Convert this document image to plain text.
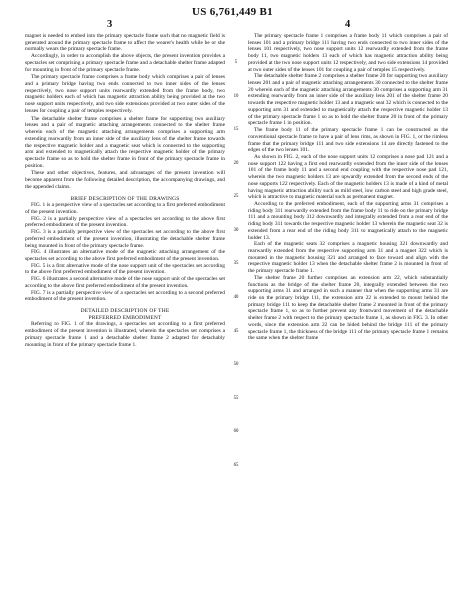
US 6,761,449 B1
3	4

magnet is needed to embed into the primary spectacle frame such that no magnetic field is generated around the primary spectacle frame to affect the wearer's health while he or she normally wears the primary spectacle frame.

Accordingly, in order to accomplish the above objects, the present invention provides a spectacles set comprising a primary spectacle frame and a detachable shelter frame adapted for mounting in front of the primary spectacle frame.

The primary spectacle frame comprises a frame body which comprises a pair of lenses and a primary bridge having two ends connected to two inner sides of the lenses respectively, two nose support units rearwardly extended from the frame body, two magnetic holders each of which has magnetic attraction ability being provided at the two nose support units respectively, and two side extensions provided at two outer sides of the lenses for coupling a pair of temples respectively.

The detachable shelter frame comprises a shelter frame for supporting two auxiliary lenses and a pair of magnetic attaching arrangements connected to the shelter frame wherein each of the magnetic attaching arrangements comprises a supporting arm extending rearwardly from an inner side of the auxiliary lens of the shelter frame towards the respective magnetic holder and a magnetic seat which is connected to the supporting arm and extended to magnetically attach the respective magnetic holder of the primary spectacle frame so as to hold the shelter frame in front of the primary spectacle frame in position.

These and other objectives, features, and advantages of the present invention will become apparent from the following detailed description, the accompanying drawings, and the appended claims.

BRIEF DESCRIPTION OF THE DRAWINGS

FIG. 1 is a perspective view of a spectacles set according to a first preferred embodiment of the present invention.

FIG. 2 is a partially perspective view of a spectacles set according to the above first preferred embodiment of the present invention.

FIG. 3 is a partially perspective view of the spectacles set according to the above first preferred embodiment of the present invention, illustrating the detachable shelter frame being mounted in front of the primary spectacle frame.

FIG. 4 illustrates an alternative mode of the magnetic attaching arrangement of the spectacles set according to the above first preferred embodiment of the present invention.

FIG. 5 is a first alternative mode of the nose support unit of the spectacles set according to the above first preferred embodiment of the present invention.

FIG. 6 illustrates a second alternative mode of the nose support unit of the spectacles set according to the above first preferred embodiment of the present invention.

FIG. 7 is a partially perspective view of a spectacles set according to a second preferred embodiment of the present invention.

DETAILED DESCRIPTION OF THE

PREFERRED EMBODIMENT

Referring to FIG. 1 of the drawings, a spectacles set according to a first preferred embodiment of the present invention is illustrated, wherein the spectacles set comprises a primary spectacle frame 1 and a detachable shelter frame 2 adapted for detachably mounting in front of the primary spectacle frame 1.

5
10
15
20
25
30
35
40
45
50
55
60
65

The primary spectacle frame 1 comprises a frame body 11 which comprises a pair of lenses 101 and a primary bridge 111 having two ends connected to two inner sides of the lenses 101 respectively, two nose support units 12 rearwardly extended from the frame body 11, two magnetic holders 13 each of which has magnetic attraction ability being provided at the two nose support units 12 respectively, and two side extensions 14 provided at two outer sides of the lenses 101 for coupling a pair of temples 15 respectively.

The detachable shelter frame 2 comprises a shelter frame 20 for supporting two auxiliary lenses 201 and a pair of magnetic attaching arrangements 30 connected to the shelter frame 20 wherein each of the magnetic attaching arrangements 30 comprises a supporting arm 31 extending rearwardly from an inner side of the auxiliary lens 201 of the shelter frame 20 towards the respective magnetic holder 13 and a magnetic seat 32 which is connected to the supporting arm 31 and extended to magnetically attach the respective magnetic holder 13 of the primary spectacle frame 1 so as to hold the shelter frame 20 in front of the primary spectacle frame 1 in position.

The frame body 11 of the primary spectacle frame 1 can be constructed as the conventional spectacle frame to have a pair of lens rims, as shown in FIG. 1, or the rimless frame that the primary bridge 111 and two side extensions 14 are directly fastened to the edges of the two lenses 101.

As shown in FIG. 2, each of the nose support units 12 comprises a nose pad 121 and a nose support 122 having a first end rearwardly extended from the inner side of the lenses 101 of the frame body 11 and a second end coupling with the respective nose pad 121, wherein the two magnetic holders 13 are upwardly extended from the second ends of the nose supports 122 respectively. Each of the magnetic holders 13 is made of a kind of metal having magnetic attraction ability such as mild steel, low carbon steel and high grade steel, which is attractive to magnetic material such as permanent magnet.

According to the preferred embodiment, each of the supporting arms 31 comprises a riding body 311 rearwardly extended from the frame body 11 to ride on the primary bridge 111 and a mounting body 312 downwardly and integrally extended from a rear end of the riding body 311 towards the respective magnetic holder 13 wherein the magnetic seat 32 is extended from a rear end of the riding body 311 to magnetically attach to the magnetic holder 13.

Each of the magnetic seats 32 comprises a magnetic housing 321 downwardly and rearwardly extended from the respective supporting arm 31 and a magnet 322 which is mounted in the magnetic housing 321 and arranged to face toward and align with the respective magnetic holder 13 when the detachable shelter frame 2 is mounted in front of the primary spectacle frame 1.

The shelter frame 20 further comprises an extension arm 22, which substantially functions as the bridge of the shelter frame 20, integrally extended between the two supporting arms 31 and arranged in such a manner that when the supporting arms 31 are ride on the primary bridge 111, the extension arm 22 is extended to mount behind the primary bridge 111 to keep the detachable shelter frame 2 mounted in front of the primary spectacle frame 1, so as to further prevent any frontward movement of the detachable shelter frame 2 with respect to the primary spectacle frame 1, as shown in FIG. 3. In other words, since the extension arm 22 can be hided behind the bridge 111 of the primary spectacle frame 1, the thickness of the bridge 111 of the primary spectacle frame 1 remains the same when the shelter frame
